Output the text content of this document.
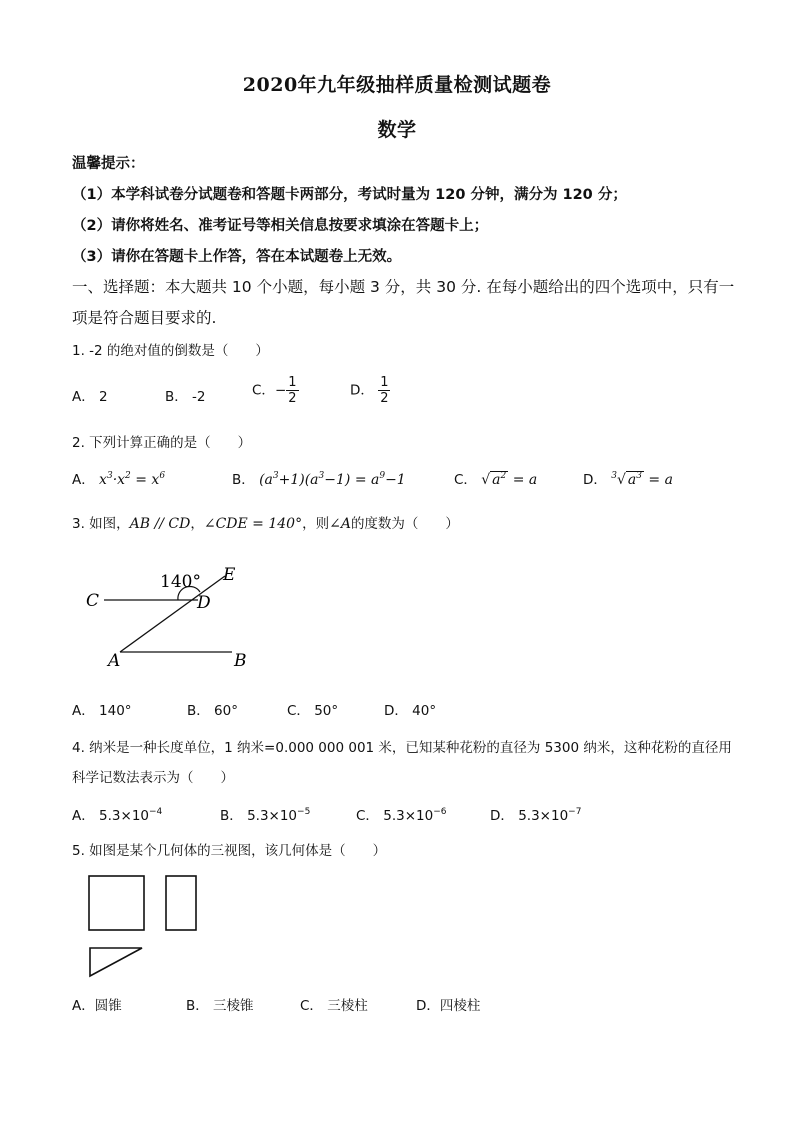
2020年九年级抽样质量检测试题卷
数学
温馨提示：
（1）本学科试卷分试题卷和答题卡两部分，考试时量为 120 分钟，满分为 120 分；
（2）请你将姓名、准考证号等相关信息按要求填涂在答题卡上；
（3）请你在答题卡上作答，答在本试题卷上无效。
一、选择题：本大题共 10 个小题，每小题 3 分，共 30 分. 在每小题给出的四个选项中，只有一
项是符合题目要求的.
1. -2 的绝对值的倒数是（　　）
A． 2	B． -2	C．− $\frac{1}{2}$	D． $\frac{1}{2}$
2. 下列计算正确的是（　　）
A． $x^3\cdot x^2 = x^6$	B． $(a^3+1)(a^3-1) = a^9-1$	C． √ $a^2 = a$	D． $^3$√ $a^3 = a$
3. 如图，AB // CD，∠CDE = 140°，则∠A的度数为（　　）
140°
C	D
E
A	B
A． 140°	B． 60°	C． 50°	D． 40°
4. 纳米是一种长度单位，1 纳米=0.000 000 001 米，已知某种花粉的直径为 5300 纳米，这种花粉的直径用
科学记数法表示为（　　）
A． $5.3\times 10^{-4}$	B． $5.3\times 10^{-5}$	C． $5.3\times 10^{-6}$	D． $5.3\times 10^{-7}$
5. 如图是某个几何体的三视图，该几何体是（　　）
A．圆锥	B． 三棱锥	C． 三棱柱	D．四棱柱
